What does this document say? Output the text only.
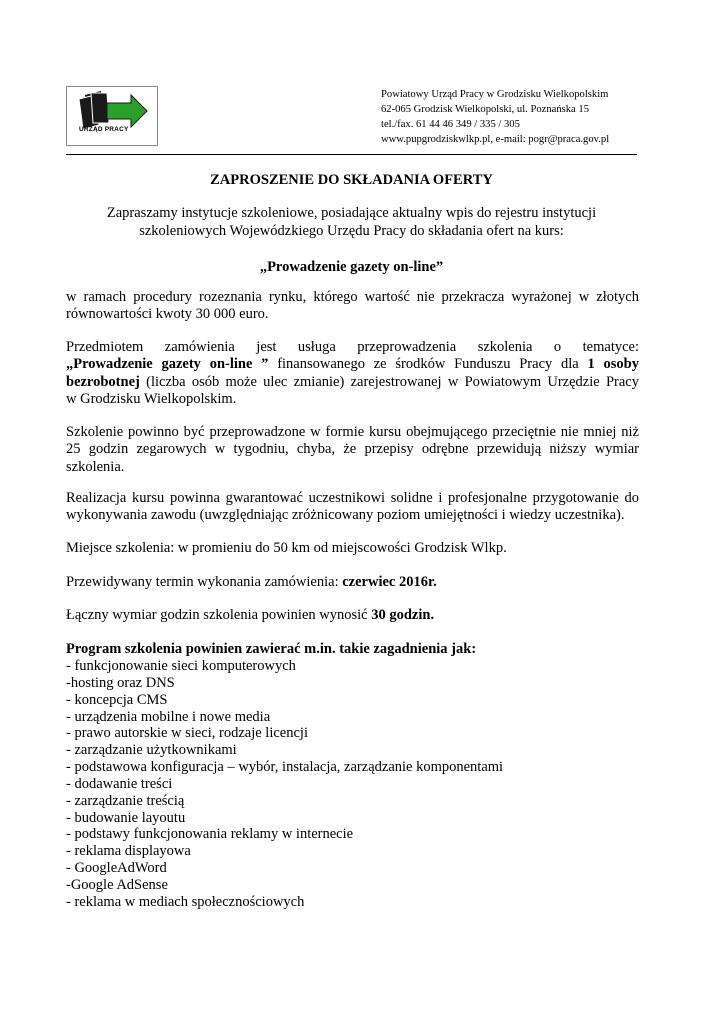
URZĄD PRACY
Powiatowy Urząd Pracy w Grodzisku Wielkopolskim
62-065 Grodzisk Wielkopolski, ul. Poznańska 15
tel./fax. 61 44 46 349 / 335 / 305
www.pupgrodziskwlkp.pl, e-mail: pogr@praca.gov.pl
ZAPROSZENIE DO SKŁADANIA OFERTY
Zapraszamy instytucje szkoleniowe, posiadające aktualny wpis do rejestru instytucji
szkoleniowych Wojewódzkiego Urzędu Pracy do składania ofert na kurs:
„Prowadzenie gazety on-line”
w ramach procedury rozeznania rynku, którego wartość nie przekracza wyrażonej w złotych
równowartości kwoty 30 000 euro.
Przedmiotem zamówienia jest usługa przeprowadzenia szkolenia o tematyce:
„Prowadzenie gazety on-line ” finansowanego ze środków Funduszu Pracy dla 1 osoby
bezrobotnej (liczba osób może ulec zmianie) zarejestrowanej w Powiatowym Urzędzie Pracy
w Grodzisku Wielkopolskim.
Szkolenie powinno być przeprowadzone w formie kursu obejmującego przeciętnie nie mniej niż
25 godzin zegarowych w tygodniu, chyba, że przepisy odrębne przewidują niższy wymiar
szkolenia.
Realizacja kursu powinna gwarantować uczestnikowi solidne i profesjonalne przygotowanie do
wykonywania zawodu (uwzględniając zróżnicowany poziom umiejętności i wiedzy uczestnika).
Miejsce szkolenia: w promieniu do 50 km od miejscowości Grodzisk Wlkp.
Przewidywany termin wykonania zamówienia: czerwiec 2016r.
Łączny wymiar godzin szkolenia powinien wynosić 30 godzin.
Program szkolenia powinien zawierać m.in. takie zagadnienia jak:
- funkcjonowanie sieci komputerowych
-hosting oraz DNS
- koncepcja CMS
- urządzenia mobilne i nowe media
- prawo autorskie w sieci, rodzaje licencji
- zarządzanie użytkownikami
- podstawowa konfiguracja – wybór, instalacja, zarządzanie komponentami
- dodawanie treści
- zarządzanie treścią
- budowanie layoutu
- podstawy funkcjonowania reklamy w internecie
- reklama displayowa
- GoogleAdWord
-Google AdSense
- reklama w mediach społecznościowych
